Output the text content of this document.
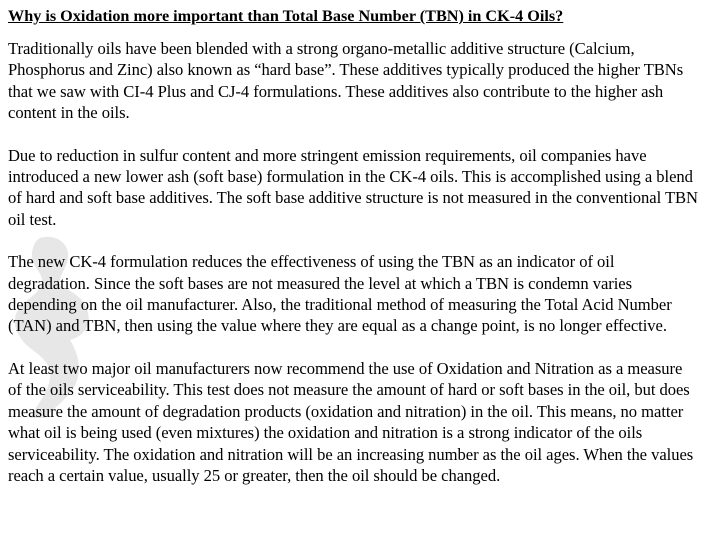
Why is Oxidation more important than Total Base Number (TBN) in CK-4 Oils?

Traditionally oils have been blended with a strong organo-metallic additive structure (Calcium, Phosphorus and Zinc) also known as “hard base”. These additives typically produced the higher TBNs that we saw with CI-4 Plus and CJ-4 formulations. These additives also contribute to the higher ash content in the oils.

Due to reduction in sulfur content and more stringent emission requirements, oil companies have introduced a new lower ash (soft base) formulation in the CK-4 oils. This is accomplished using a blend of hard and soft base additives. The soft base additive structure is not measured in the conventional TBN oil test.

The new CK-4 formulation reduces the effectiveness of using the TBN as an indicator of oil degradation. Since the soft bases are not measured the level at which a TBN is condemn varies depending on the oil manufacturer. Also, the traditional method of measuring the Total Acid Number (TAN) and TBN, then using the value where they are equal as a change point, is no longer effective.

At least two major oil manufacturers now recommend the use of Oxidation and Nitration as a measure of the oils serviceability. This test does not measure the amount of hard or soft bases in the oil, but does measure the amount of degradation products (oxidation and nitration) in the oil. This means, no matter what oil is being used (even mixtures) the oxidation and nitration is a strong indicator of the oils serviceability. The oxidation and nitration will be an increasing number as the oil ages. When the values reach a certain value, usually 25 or greater, then the oil should be changed.
